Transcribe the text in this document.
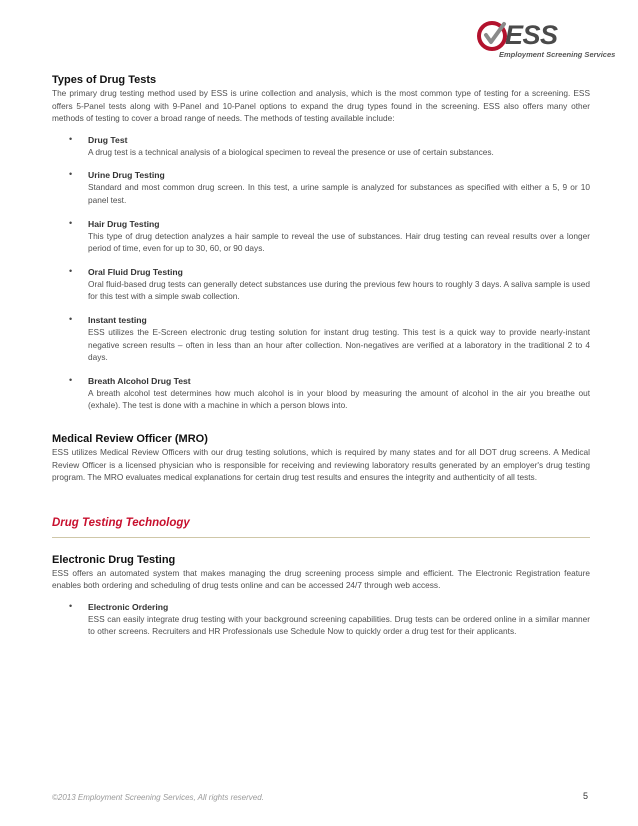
ESS
Employment Screening Services
Types of Drug Tests

The primary drug testing method used by ESS is urine collection and analysis, which is the most common type of testing for a screening. ESS offers 5-Panel tests along with 9-Panel and 10-Panel options to expand the drug types found in the screening. ESS also offers many other methods of testing to cover a broad range of needs. The methods of testing available include:

• Drug Test

A drug test is a technical analysis of a biological specimen to reveal the presence or use of certain substances.

• Urine Drug Testing

Standard and most common drug screen. In this test, a urine sample is analyzed for substances as specified with either a 5, 9 or 10 panel test.

• Hair Drug Testing

This type of drug detection analyzes a hair sample to reveal the use of substances. Hair drug testing can reveal results over a longer period of time, even for up to 30, 60, or 90 days.

• Oral Fluid Drug Testing

Oral fluid-based drug tests can generally detect substances use during the previous few hours to roughly 3 days. A saliva sample is used for this test with a simple swab collection.

• Instant testing

ESS utilizes the E-Screen electronic drug testing solution for instant drug testing. This test is a quick way to provide nearly-instant negative screen results – often in less than an hour after collection. Non-negatives are verified at a laboratory in the traditional 2 to 4 days.

• Breath Alcohol Drug Test

A breath alcohol test determines how much alcohol is in your blood by measuring the amount of alcohol in the air you breathe out (exhale). The test is done with a machine in which a person blows into.

Medical Review Officer (MRO)

ESS utilizes Medical Review Officers with our drug testing solutions, which is required by many states and for all DOT drug screens. A Medical Review Officer is a licensed physician who is responsible for receiving and reviewing laboratory results generated by an employer's drug testing program. The MRO evaluates medical explanations for certain drug test results and ensures the integrity and authenticity of all tests.

Drug Testing Technology
Electronic Drug Testing

ESS offers an automated system that makes managing the drug screening process simple and efficient. The Electronic Registration feature enables both ordering and scheduling of drug tests online and can be accessed 24/7 through web access.

• Electronic Ordering

ESS can easily integrate drug testing with your background screening capabilities. Drug tests can be ordered online in a similar manner to other screens. Recruiters and HR Professionals use Schedule Now to quickly order a drug test for their applicants.

©2013 Employment Screening Services, All rights reserved.	5
